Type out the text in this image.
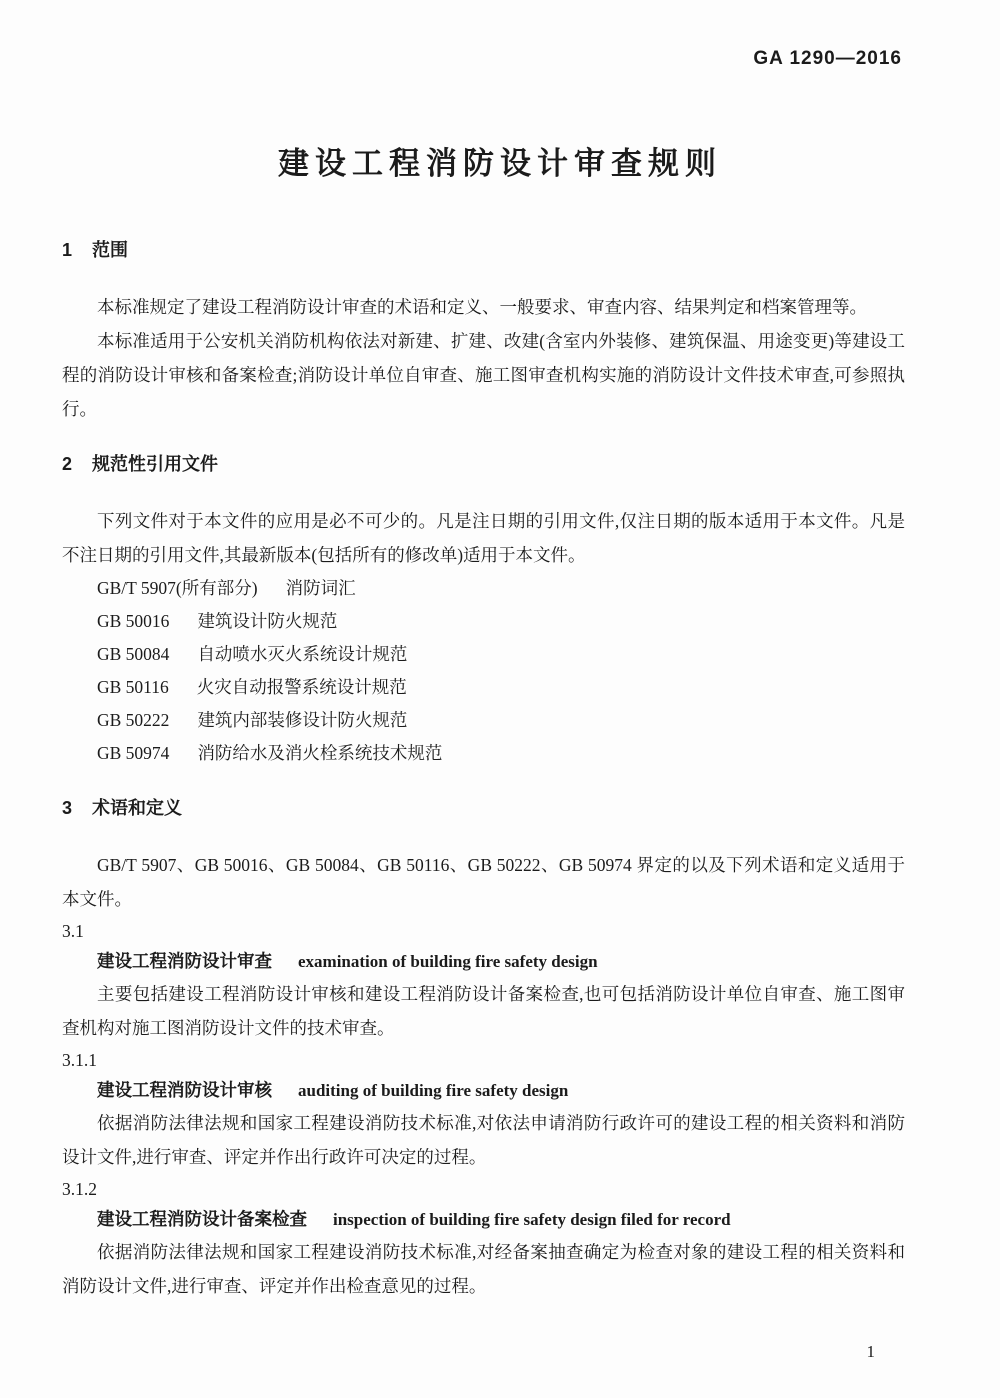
GA 1290—2016
建设工程消防设计审查规则
1 范围

本标准规定了建设工程消防设计审查的术语和定义、一般要求、审查内容、结果判定和档案管理等。

本标准适用于公安机关消防机构依法对新建、扩建、改建(含室内外装修、建筑保温、用途变更)等建设工程的消防设计审核和备案检查;消防设计单位自审查、施工图审查机构实施的消防设计文件技术审查,可参照执行。

2 规范性引用文件

下列文件对于本文件的应用是必不可少的。凡是注日期的引用文件,仅注日期的版本适用于本文件。凡是不注日期的引用文件,其最新版本(包括所有的修改单)适用于本文件。

GB/T 5907(所有部分) 消防词汇
GB 50016 建筑设计防火规范
GB 50084 自动喷水灭火系统设计规范
GB 50116 火灾自动报警系统设计规范
GB 50222 建筑内部装修设计防火规范
GB 50974 消防给水及消火栓系统技术规范
3 术语和定义

GB/T 5907、GB 50016、GB 50084、GB 50116、GB 50222、GB 50974 界定的以及下列术语和定义适用于本文件。

3.1
建设工程消防设计审查 examination of building fire safety design

主要包括建设工程消防设计审核和建设工程消防设计备案检查,也可包括消防设计单位自审查、施工图审查机构对施工图消防设计文件的技术审查。

3.1.1
建设工程消防设计审核 auditing of building fire safety design

依据消防法律法规和国家工程建设消防技术标准,对依法申请消防行政许可的建设工程的相关资料和消防设计文件,进行审查、评定并作出行政许可决定的过程。

3.1.2
建设工程消防设计备案检查 inspection of building fire safety design filed for record

依据消防法律法规和国家工程建设消防技术标准,对经备案抽查确定为检查对象的建设工程的相关资料和消防设计文件,进行审查、评定并作出检查意见的过程。

1
